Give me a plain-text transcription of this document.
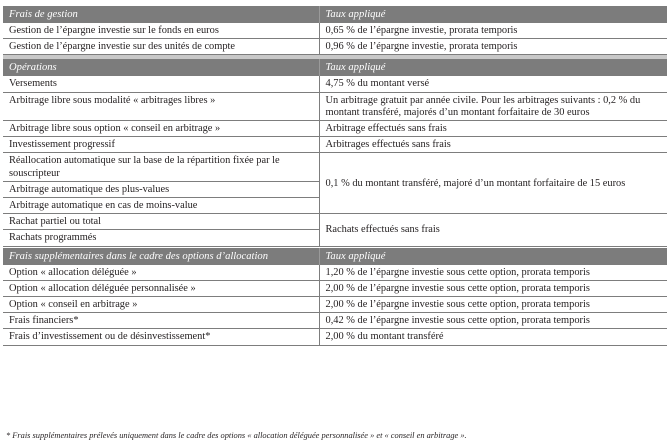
Frais de gestion	Taux appliqué
Gestion de l’épargne investie sur le fonds en euros	0,65 % de l’épargne investie, prorata temporis
Gestion de l’épargne investie sur des unités de compte	0,96 % de l’épargne investie, prorata temporis

Opérations	Taux appliqué
Versements	4,75 % du montant versé
Arbitrage libre sous modalité « arbitrages libres »	Un arbitrage gratuit par année civile. Pour les arbitrages suivants : 0,2 % du montant transféré, majorés d’un montant forfaitaire de 30 euros
Arbitrage libre sous option « conseil en arbitrage »	Arbitrage effectués sans frais
Investissement progressif	Arbitrages effectués sans frais
Réallocation automatique sur la base de la répartition fixée par le souscripteur	0,1 % du montant transféré, majoré d’un montant forfaitaire de 15 euros
Arbitrage automatique des plus-values	
Arbitrage automatique en cas de moins-value	
Rachat partiel ou total	Rachats effectués sans frais
Rachats programmés	

Frais supplémentaires dans le cadre des options d’allocation	Taux appliqué
Option « allocation déléguée »	1,20 % de l’épargne investie sous cette option, prorata temporis
Option « allocation déléguée personnalisée »	2,00 % de l’épargne investie sous cette option, prorata temporis
Option « conseil en arbitrage »	2,00 % de l’épargne investie sous cette option, prorata temporis
Frais financiers*	0,42 % de l’épargne investie sous cette option, prorata temporis
Frais d’investissement ou de désinvestissement*	2,00 % du montant transféré
* Frais supplémentaires prélevés uniquement dans le cadre des options « allocation déléguée personnalisée » et « conseil en arbitrage ».
